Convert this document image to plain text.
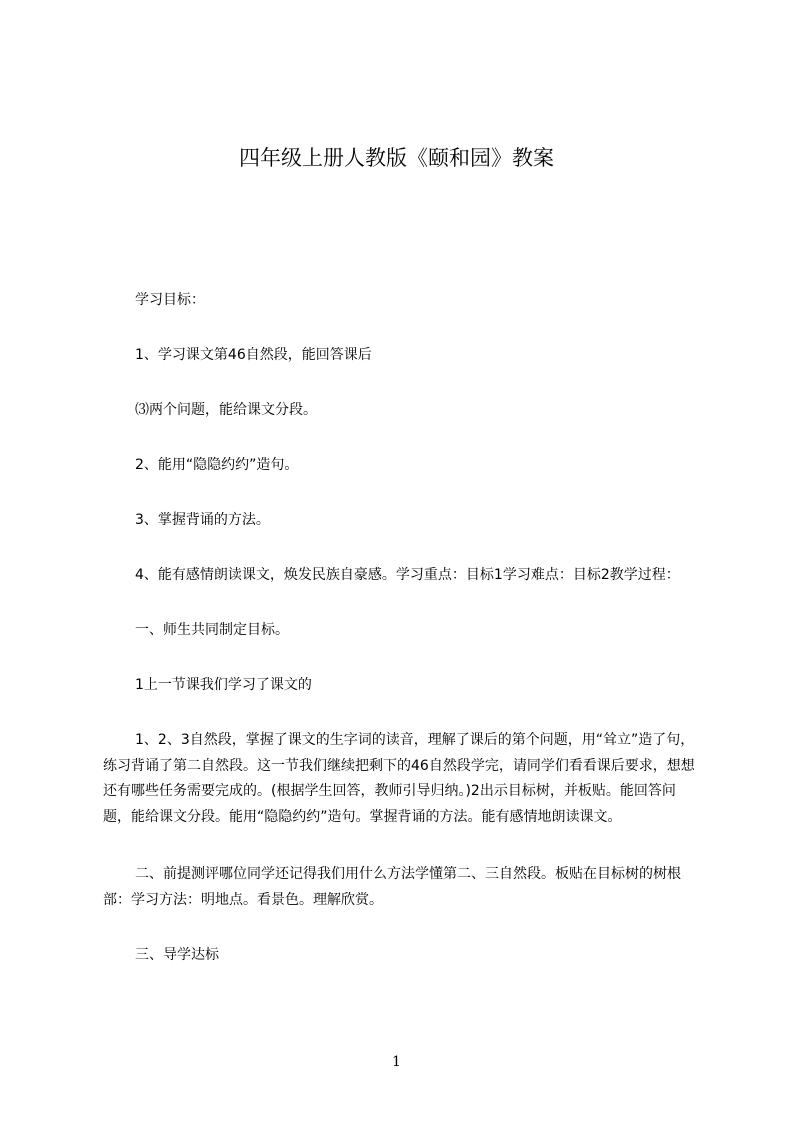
四年级上册人教版《颐和园》教案

学习目标：

1、学习课文第46自然段，能回答课后

⑶两个问题，能给课文分段。

2、能用“隐隐约约”造句。

3、掌握背诵的方法。

4、能有感情朗读课文，焕发民族自豪感。学习重点：目标1学习难点：目标2教学过程：

一、师生共同制定目标。

1上一节课我们学习了课文的

1、2、3自然段，掌握了课文的生字词的读音，理解了课后的第个问题，用“耸立”造了句，练习背诵了第二自然段。这一节我们继续把剩下的46自然段学完，请同学们看看课后要求，想想还有哪些任务需要完成的。(根据学生回答，教师引导归纳。)2出示目标树，并板贴。能回答问题，能给课文分段。能用“隐隐约约”造句。掌握背诵的方法。能有感情地朗读课文。

二、前提测评哪位同学还记得我们用什么方法学懂第二、三自然段。板贴在目标树的树根部：学习方法：明地点。看景色。理解欣赏。

三、导学达标

1
